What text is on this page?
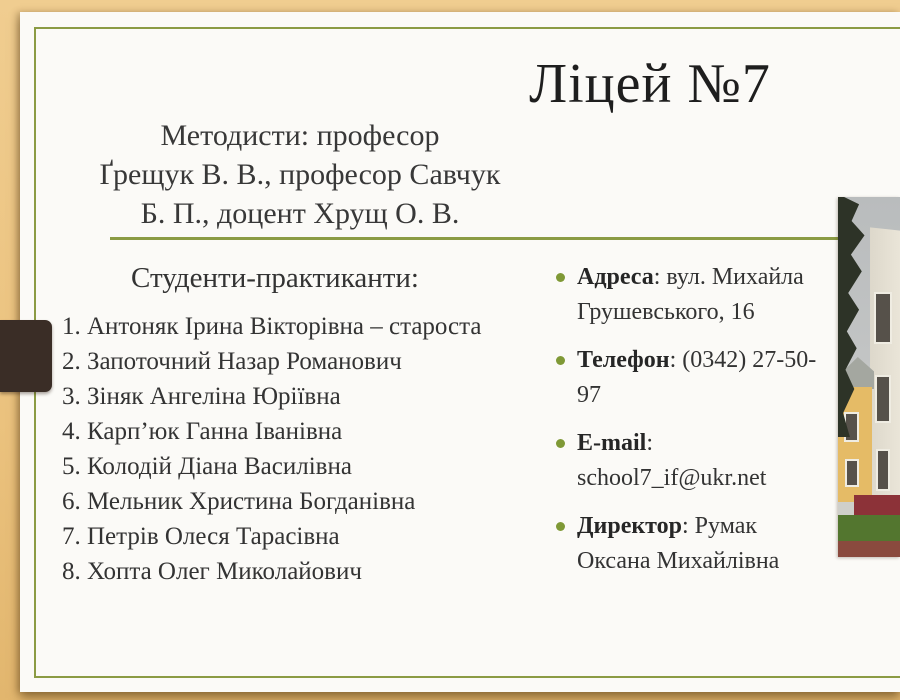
Ліцей №7
Методисти: професор
Ґрещук В. В., професор Савчук
Б. П., доцент Хрущ О. В.
Студенти-практиканти:
1. Антоняк Ірина Вікторівна – староста
2. Запоточний Назар Романович
3. Зіняк Ангеліна Юріївна
4. Карп’юк Ганна Іванівна
5. Колодій Діана Василівна
6. Мельник Христина Богданівна
7. Петрів Олеся Тарасівна
8. Хопта Олег Миколайович
Адреса: вул. Михайла Грушевського, 16
Телефон: (0342) 27-50-97
E-mail: school7_if@ukr.net
Директор: Румак Оксана Михайлівна
